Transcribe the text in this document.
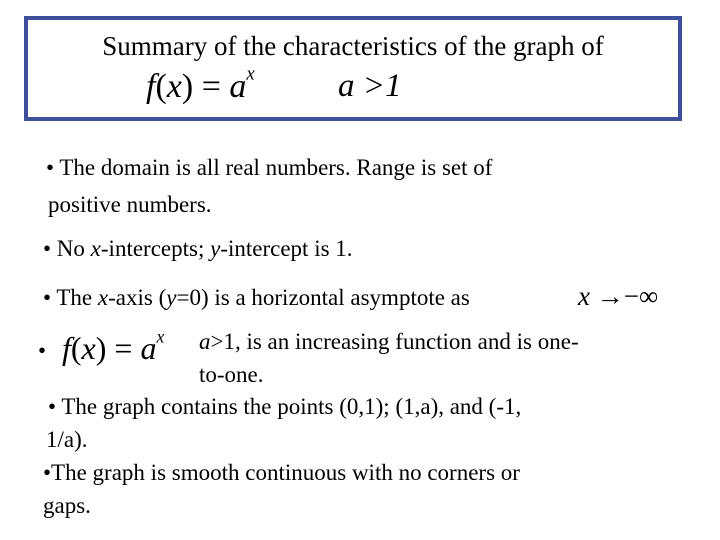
Summary of the characteristics of the graph of
$f(x) = a^x$	a >1
• The domain is all real numbers. Range is set of
positive numbers.
• No x-intercepts; y-intercept is 1.
• The x-axis (y=0) is a horizontal asymptote as	x →−∞
• $f(x) = a^x$ a>1, is an increasing function and is one-
to-one.
• The graph contains the points (0,1); (1,a), and (-1,
1/a).
•The graph is smooth continuous with no corners or
gaps.
